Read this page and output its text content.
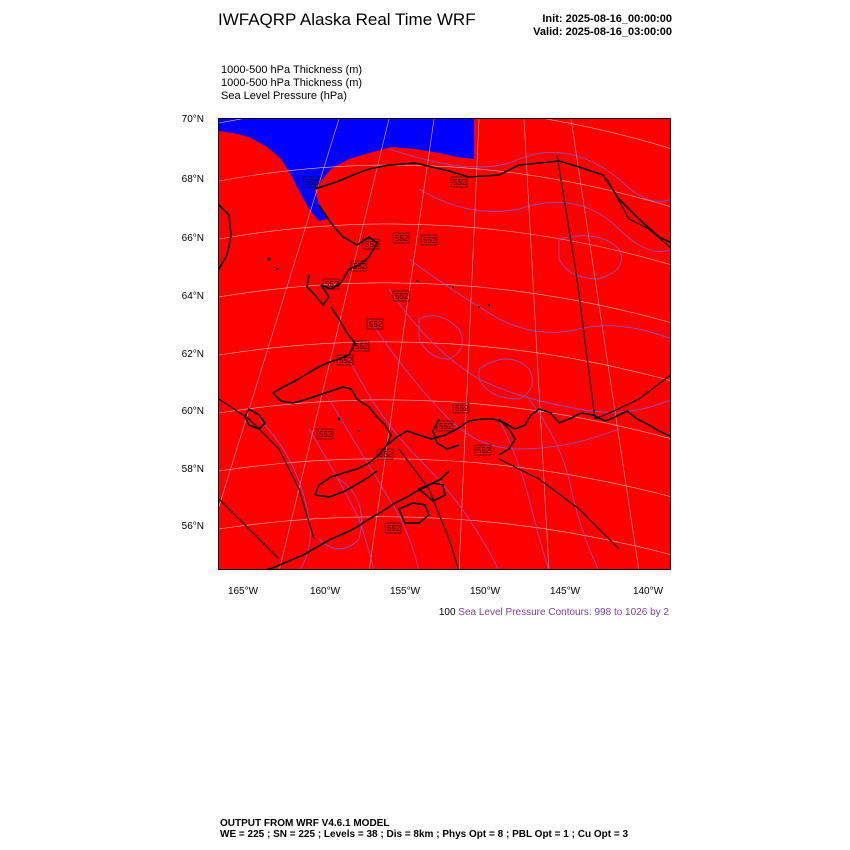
IWFAQRP Alaska Real Time WRF	Init: 2025-08-16_00:00:00
Valid: 2025-08-16_03:00:00
1000-500 hPa Thickness (m)
1000-500 hPa Thickness (m)
Sea Level Pressure (hPa)
552	552
552
552 552
552
552
552
552
552
552
552
552
552
552	552
552
70°N
68°N
66°N
64°N
62°N
60°N
58°N
56°N
165°W	160°W	155°W	150°W	145°W	140°W
100 Sea Level Pressure Contours: 998 to 1026 by 2
OUTPUT FROM WRF V4.6.1 MODEL
WE = 225 ; SN = 225 ; Levels = 38 ; Dis = 8km ; Phys Opt = 8 ; PBL Opt = 1 ; Cu Opt = 3
